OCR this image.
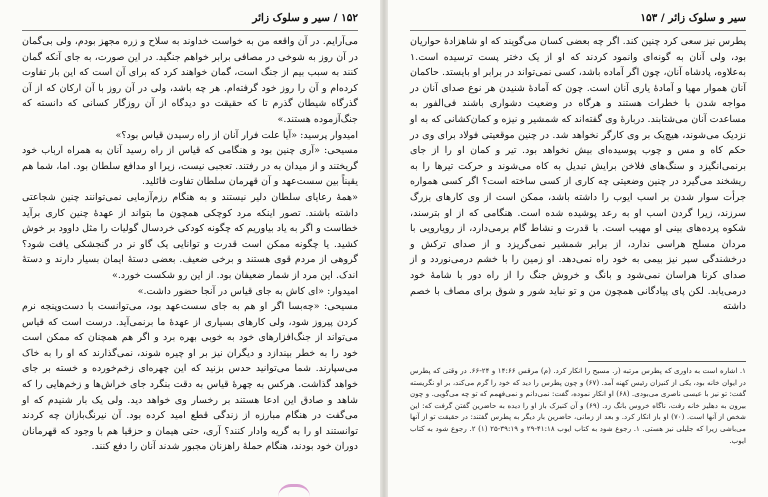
۱۵۲ / سیر و سلوک زائر

می‌آرایم. در آن واقعه من به خواست خداوند به سلاح و زره مجهز بودم، ولی بی‌گمان در آن روز به شوخی در مصافی برابر خواهم جنگید. در این صورت، به جای آنکه گمان کنند به سبب بیم از جنگ است، گمان خواهند کرد که برای آن است که این بار تفاوت کرده‌ام و آن را روز خود گرفته‌ام. هر چه باشد، ولی در آن روز با آن ارکان که از آن گذرگاه شیطان گذرم تا که حقیقت دو دیدگاه از آن روزگار کسانی که دانسته که جنگ‌آزموده هستند.»

امیدوار پرسید: «آیا علت فرار آنان از راه رسیدن قیاس بود؟»

مسیحی: «آری چنین بود و هنگامی که قیاس از راه رسید آنان به همراه ارباب خود گریختند و از میدان به در رفتند. تعجبی نیست، زیرا او مدافع سلطان بود. اما، شما هم یقیناً بین سست‌عهد و آن قهرمان سلطان تفاوت قائلید.

«همهٔ رعایای سلطان دلیر نیستند و به هنگام رزم‌آزمایی نمی‌توانند چنین شجاعتی داشته باشند. تصور اینکه مرد کوچکی همچون ما بتواند از عهدهٔ چنین کاری برآید خطاست و اگر به یاد بیاوریم که چگونه کودکی خردسال گولیات را مثل داوود بر خوش کشید. یا چگونه ممکن است قدرت و توانایی یک گاو نر در گنجشکی یافت شود؟ گروهی از مردم قوی هستند و برخی ضعیف. بعضی دستهٔ ایمان بسیار دارند و دستهٔ اندک. این مرد از شمار ضعیفان بود. از این رو شکست خورد.»

امیدوار: «ای کاش به جای قیاس در آنجا حضور داشت.»

مسیحی: «چه‌بسا اگر او هم به جای سست‌عهد بود، می‌توانست با دست‌وپنجه نرم کردن پیروز شود، ولی کارهای بسیاری از عهدهٔ ما برنمی‌آید. درست است که قیاس می‌تواند از جنگ‌افزارهای خود به خوبی بهره برد و اگر هم همچنان که ممکن است خود را به خطر بیندازد و دیگران نیز بر او چیره شوند، نمی‌گذارند که او را به خاک می‌سپارند. شما می‌توانید حدس بزنید که این چهره‌ای زخم‌خورده و خسته بر جای خواهد گذاشت. هرکس به چهرهٔ قیاس به دقت بنگرد جای خراش‌ها و زخم‌هایی را که شاهد و صادق این ادعا هستند بر رخسار وی خواهد دید. ولی یک بار شنیدم که او می‌گفت در هنگام مبارزه از زندگی قطع امید کرده بود. آن نیرنگ‌بازان چه کردند توانستند او را به گریه وادار کنند؟ آری، حتی هیمان و حزقیا هم با وجود که قهرمانان دوران خود بودند، هنگام حملهٔ راهزنان مجبور شدند آنان را دفع کنند.

سیر و سلوک زائر / ۱۵۳

پطرس نیز سعی کرد چنین کند. اگر چه بعضی کسان می‌گویند که او شاهزادهٔ حواریان بود، ولی آنان به گونه‌ای وانمود کردند که او از یک دختر پست ترسیده است.۱ به‌علاوه، پادشاه آنان، چون اگر آماده باشد، کسی نمی‌تواند در برابر او بایستد. حاکمان آنان هموار مهیا و آمادهٔ یاری آنان است. چون که آمادهٔ شنیدن هر نوع صدای آنان در مواجه شدن با خطرات هستند و هرگاه در وضعیت دشواری باشند فی‌الفور به مساعدت آنان می‌شتابند. دربارهٔ وی گفته‌اند که شمشیر و نیزه و کمان‌کشانی که به او نزدیک می‌شوند، هیچ‌یک بر وی کارگر نخواهد شد. در چنین موقعیتی فولاد برای وی در حکم کاه و مس و چوب پوسیده‌ای بیش نخواهد بود. تیر و کمان او را از جای برنمی‌انگیزد و سنگ‌های فلاخن برایش تبدیل به کاه می‌شوند و حرکت تیرها را به ریشخند می‌گیرد در چنین وضعیتی چه کاری از کسی ساخته است؟ اگر کسی همواره جرأت سوار شدن بر اسب ایوب را داشته باشد، ممکن است از وی کارهای بزرگ سرزند، زیرا گردن اسب او به رعد پوشیده شده است. هنگامی که از او بترسند، شکوه پرده‌های بینی او مهیب است. با قدرت و نشاط گام برمی‌دارد، از رویارویی با مردان مسلح هراسی ندارد، از برابر شمشیر نمی‌گریزد و از صدای ترکش و درخشندگی سپر نیز بیمی به خود راه نمی‌دهد. او زمین را با خشم درمی‌نوردد و از صدای کرنا هراسان نمی‌شود و بانگ و خروش جنگ را از راه دور با شامهٔ خود درمی‌یابد. لکن پای پیادگانی همچون من و تو نباید شور و شوق برای مصاف با خصم داشته

۱. اشاره است به داوری که پطرس مرتبه (ر. مسیح را انکار کرد. (م) مرقس ۱۴:۶۶ و ۲۴-۶۶. در وقتی که پطرس در ایوان خانه بود، یکی از کنیزان رئیس کهنه آمد. (۶۷) و چون پطرس را دید که خود را گرم می‌کند، بر او نگریسته گفت: تو نیز با عیسی ناصری می‌بودی. (۶۸) او انکار نموده، گفت: نمی‌دانم و نمی‌فهمم که تو چه می‌گویی. و چون بیرون به دهلیز خانه رفت، ناگاه خروس بانگ زد. (۶۹) و آن کنیزک باز او را دیده به حاضرین گفتن گرفت که: این شخص از آنها است. (۷۰) او باز انکار کرد. و بعد از زمانی، حاضرین بار دیگر به پطرس گفتند: در حقیقت تو از آنها می‌باشی زیرا که جلیلی نیز هستی. ۱. رجوع شود به کتاب ایوب ۴۱:۱۸-۲۹ و ۳۹:۱۹-۲۵ (۱) ۲. رجوع شود به کتاب ایوب.
